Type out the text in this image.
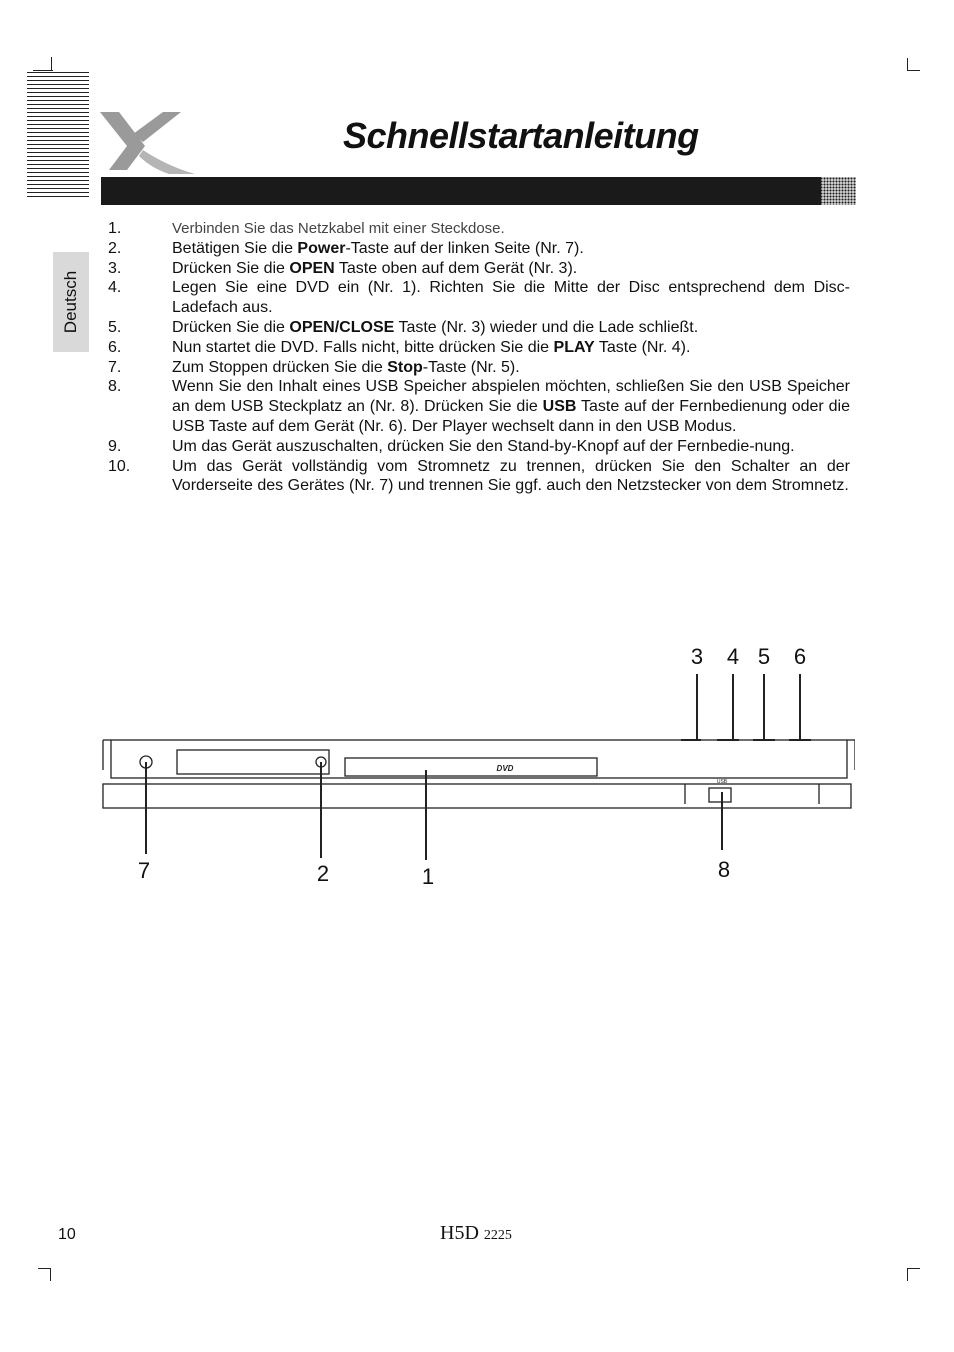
Schnellstartanleitung
Deutsch
1.	Verbinden Sie das Netzkabel mit einer Steckdose.
2.	Betätigen Sie die Power-Taste auf der linken Seite (Nr. 7).
3.	Drücken Sie die OPEN Taste oben auf dem Gerät (Nr. 3).
4.	Legen Sie eine DVD ein (Nr. 1). Richten Sie die Mitte der Disc entsprechend dem Disc-Ladefach aus.
5.	Drücken Sie die OPEN/CLOSE Taste (Nr. 3) wieder und die Lade schließt.
6.	Nun startet die DVD. Falls nicht, bitte drücken Sie die PLAY Taste (Nr. 4).
7.	Zum Stoppen drücken Sie die Stop-Taste (Nr. 5).
8.	Wenn Sie den Inhalt eines USB Speicher abspielen möchten, schließen Sie den USB Speicher an dem USB Steckplatz an (Nr. 8). Drücken Sie die USB Taste auf der Fernbedienung oder die USB Taste auf dem Gerät (Nr. 6). Der Player wechselt dann in den USB Modus.
9.	Um das Gerät auszuschalten, drücken Sie den Stand-by-Knopf auf der Fernbedie-nung.
10.	Um das Gerät vollständig vom Stromnetz zu trennen, drücken Sie den Schalter an der Vorderseite des Gerätes (Nr. 7) und trennen Sie ggf. auch den Netzstecker von dem Stromnetz.
3 4 5 6
7	2	1	8
DVD
USB
10	H5D 2225
